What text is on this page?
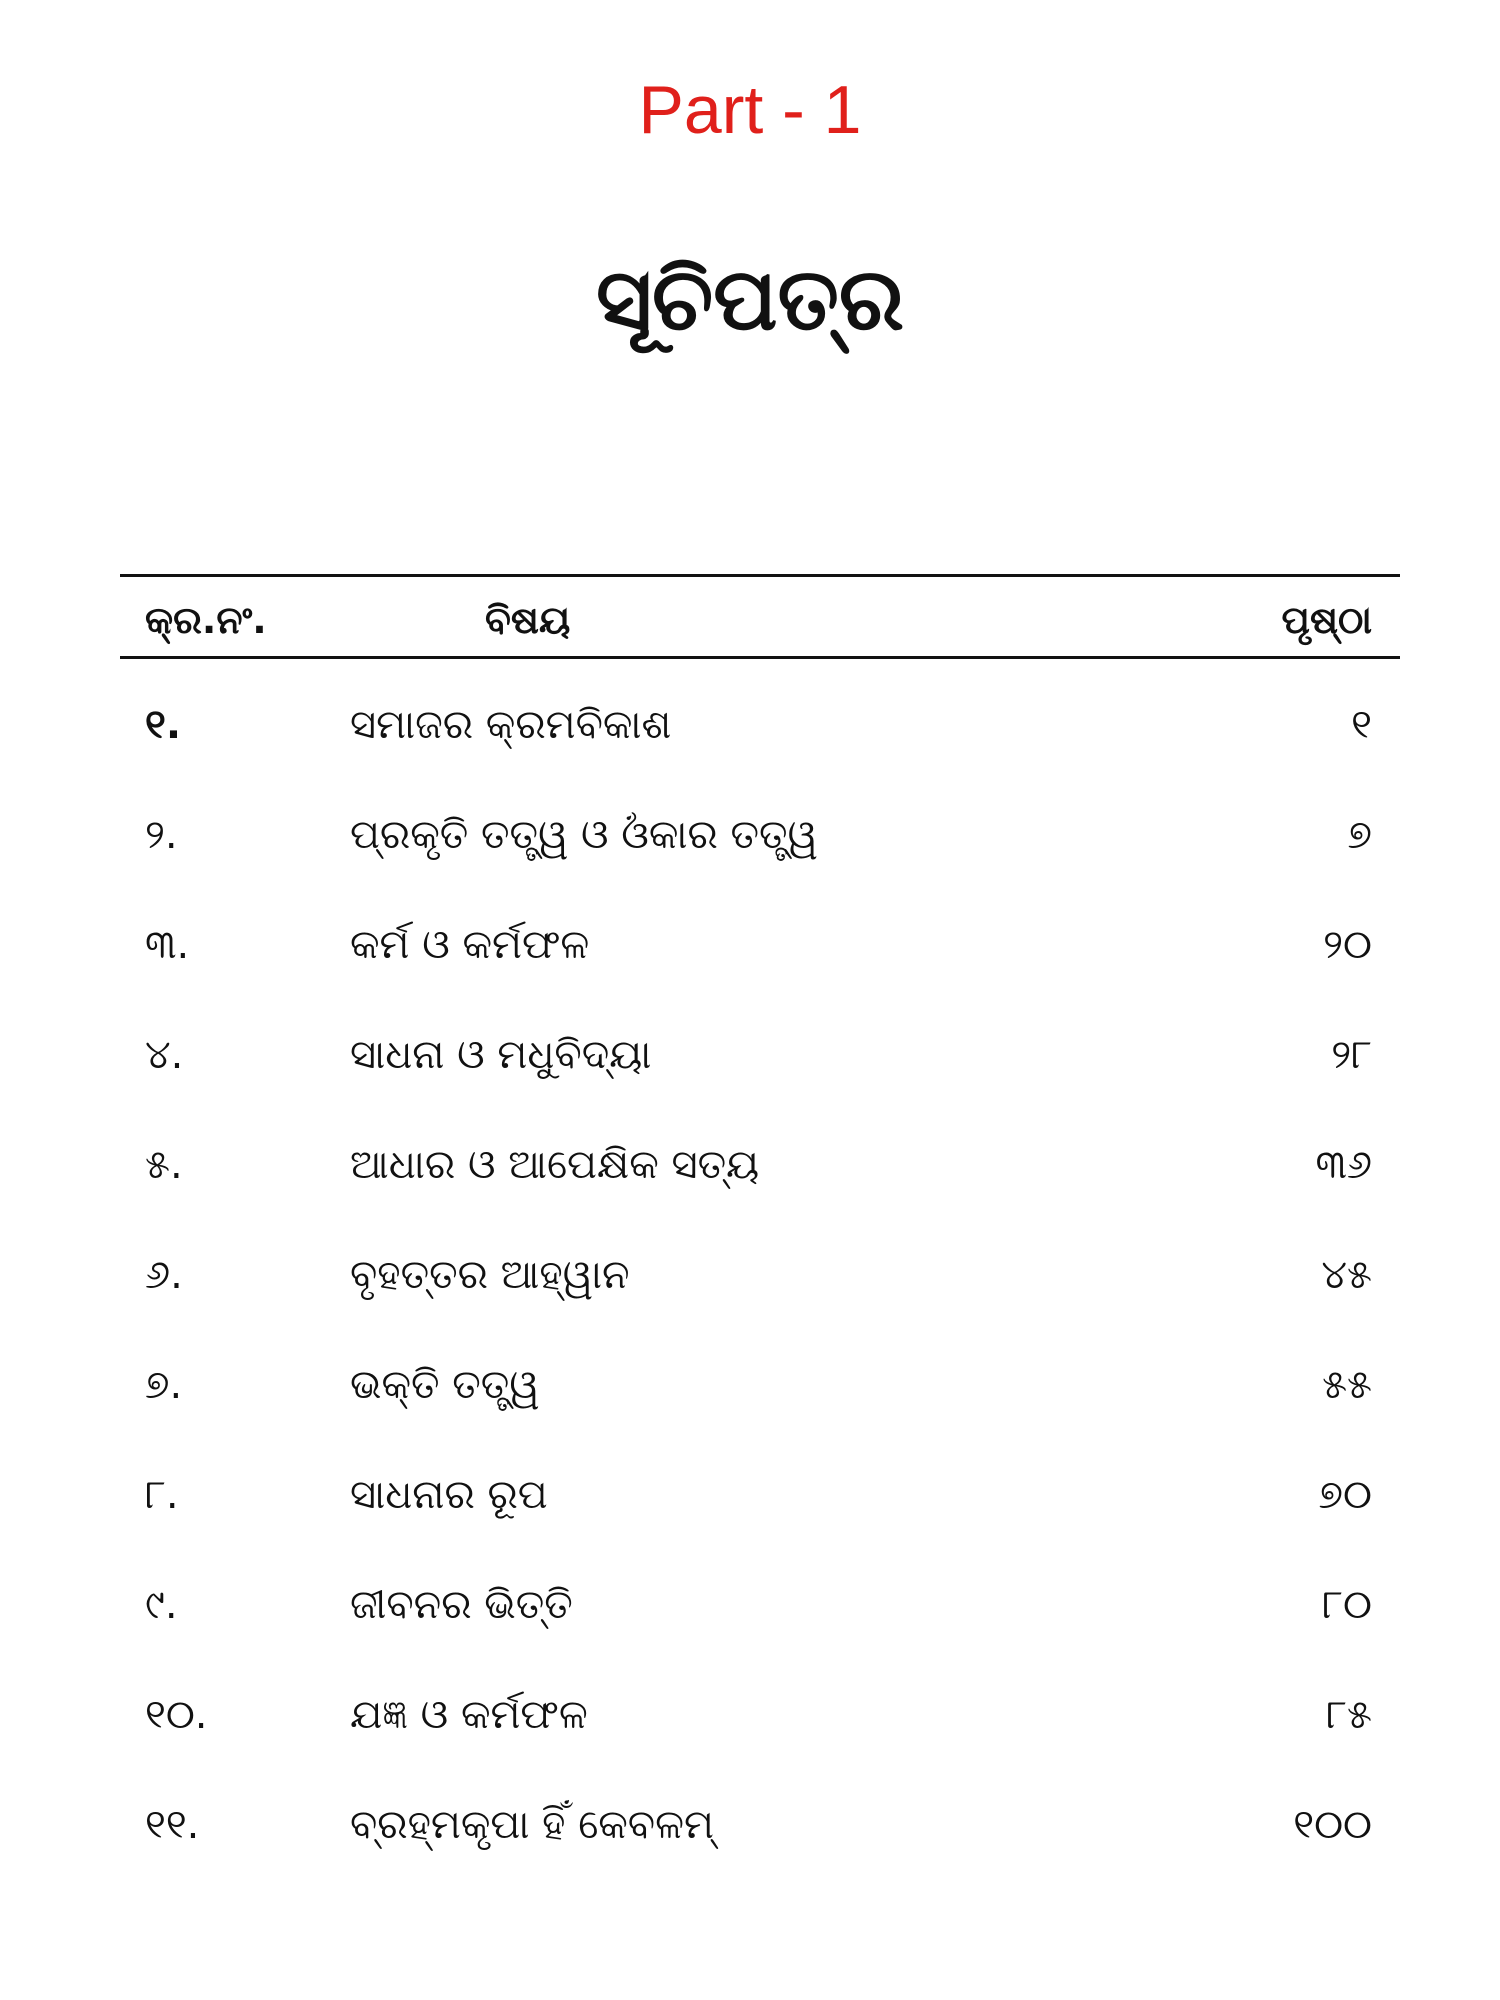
Part - 1
ସୂଚିପତ୍ର
କ୍ର.ନଂ.	ବିଷୟ	ପୃଷ୍ଠା
୧.	ସମାଜର କ୍ରମବିକାଶ	୧
୨.	ପ୍ରକୃତି ତତ୍ତ୍ୱ ଓ ଓଁକାର ତତ୍ତ୍ୱ	୭
୩.	କର୍ମ ଓ କର୍ମଫଳ	୨୦
୪.	ସାଧନା ଓ ମଧୁବିଦ୍ୟା	୨୮
୫.	ଆଧାର ଓ ଆପେକ୍ଷିକ ସତ୍ୟ	୩୬
୬.	ବୃହତ୍ତର ଆହ୍ୱାନ	୪୫
୭.	ଭକ୍ତି ତତ୍ତ୍ୱ	୫୫
୮.	ସାଧନାର ରୂପ	୭୦
୯.	ଜୀବନର ଭିତ୍ତି	୮୦
୧୦.	ଯଜ୍ଞ ଓ କର୍ମଫଳ	୮୫
୧୧.	ବ୍ରହ୍ମକୃପା ହିଁ କେବଳମ୍	୧୦୦
